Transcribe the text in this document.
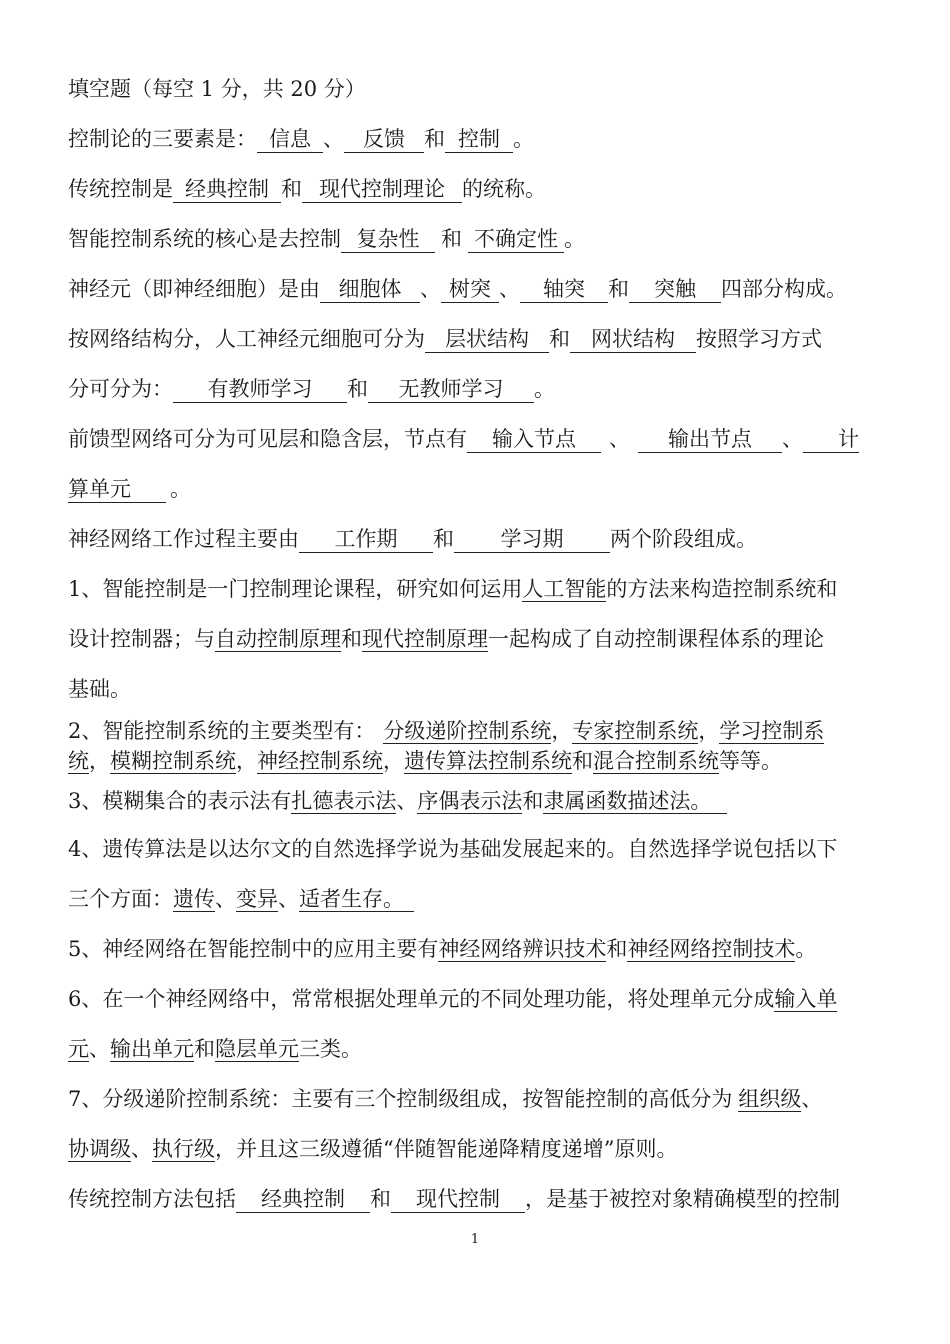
填空题（每空 1 分，共 20 分）
控制论的三要素是： 信息 、 反馈 和 控制 。
传统控制是 经典控制 和 现代控制理论 的统称。
智能控制系统的核心是去控制 复杂性 和 不确定性 。
神经元（即神经细胞）是由 细胞体 、 树突 、 轴突 和 突触 四部分构成。
按网络结构分，人工神经元细胞可分为 层状结构 和 网状结构 按照学习方式
分可分为： 有教师学习 和 无教师学习 。
前馈型网络可分为可见层和隐含层，节点有 输入节点 、 输出节点 、 计
算单元 。
神经网络工作过程主要由 工作期 和 学习期 两个阶段组成。
1、智能控制是一门控制理论课程，研究如何运用人工智能的方法来构造控制系统和
设计控制器；与自动控制原理和现代控制原理一起构成了自动控制课程体系的理论
基础。
2、智能控制系统的主要类型有： 分级递阶控制系统，专家控制系统，学习控制系
统，模糊控制系统，神经控制系统，遗传算法控制系统和混合控制系统等等。
3、模糊集合的表示法有扎德表示法、序偶表示法和隶属函数描述法。
4、遗传算法是以达尔文的自然选择学说为基础发展起来的。自然选择学说包括以下
三个方面：遗传、变异、适者生存。
5、神经网络在智能控制中的应用主要有神经网络辨识技术和神经网络控制技术。
6、在一个神经网络中，常常根据处理单元的不同处理功能，将处理单元分成输入单
元、输出单元和隐层单元三类。
7、分级递阶控制系统：主要有三个控制级组成，按智能控制的高低分为 组织级、
协调级、执行级，并且这三级遵循“伴随智能递降精度递增”原则。
传统控制方法包括 经典控制 和 现代控制 ，是基于被控对象精确模型的控制
1
